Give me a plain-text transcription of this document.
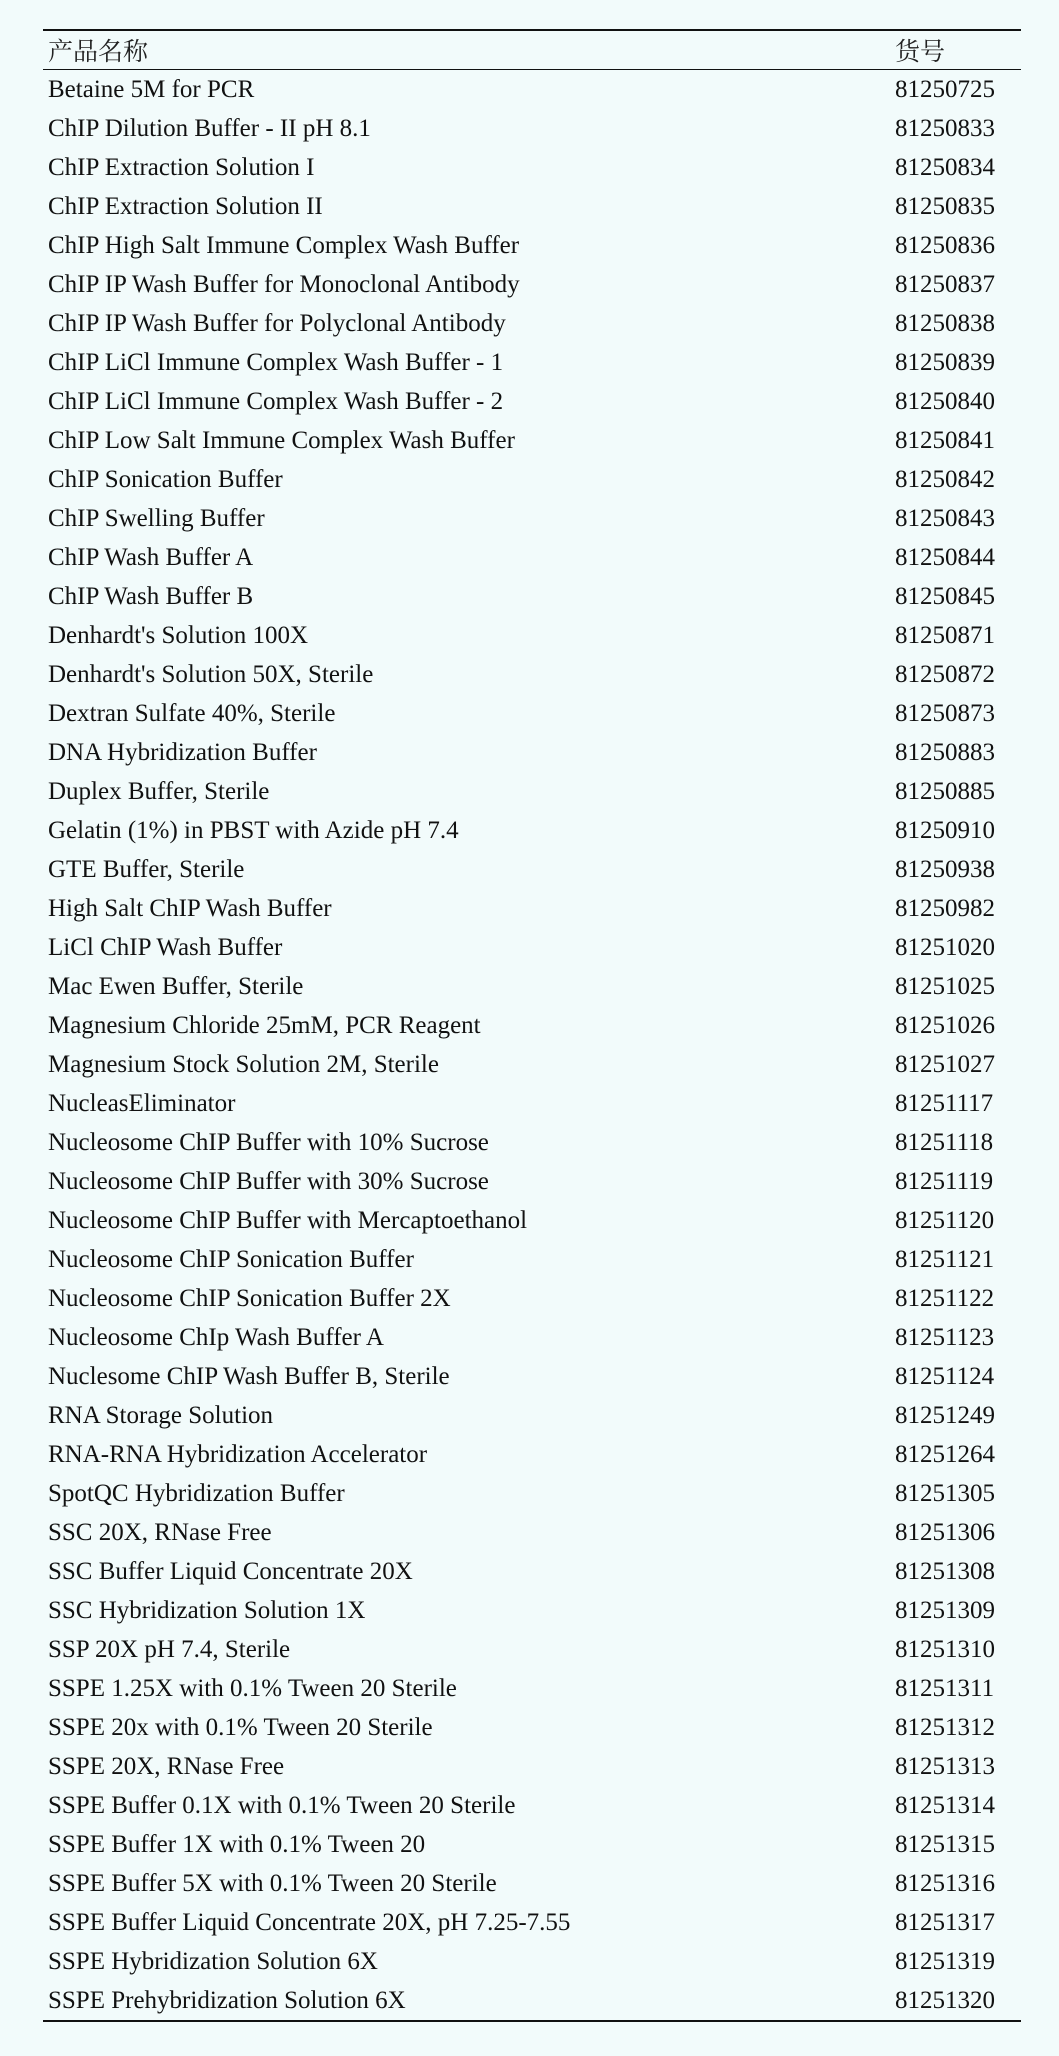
产品名称	货号
Betaine 5M for PCR	81250725
ChIP Dilution Buffer - II pH 8.1	81250833
ChIP Extraction Solution I	81250834
ChIP Extraction Solution II	81250835
ChIP High Salt Immune Complex Wash Buffer	81250836
ChIP IP Wash Buffer for Monoclonal Antibody	81250837
ChIP IP Wash Buffer for Polyclonal Antibody	81250838
ChIP LiCl Immune Complex Wash Buffer - 1	81250839
ChIP LiCl Immune Complex Wash Buffer - 2	81250840
ChIP Low Salt Immune Complex Wash Buffer	81250841
ChIP Sonication Buffer	81250842
ChIP Swelling Buffer	81250843
ChIP Wash Buffer A	81250844
ChIP Wash Buffer B	81250845
Denhardt's Solution 100X	81250871
Denhardt's Solution 50X, Sterile	81250872
Dextran Sulfate 40%, Sterile	81250873
DNA Hybridization Buffer	81250883
Duplex Buffer, Sterile	81250885
Gelatin (1%) in PBST with Azide pH 7.4	81250910
GTE Buffer, Sterile	81250938
High Salt ChIP Wash Buffer	81250982
LiCl ChIP Wash Buffer	81251020
Mac Ewen Buffer, Sterile	81251025
Magnesium Chloride 25mM, PCR Reagent	81251026
Magnesium Stock Solution 2M, Sterile	81251027
NucleasEliminator	81251117
Nucleosome ChIP Buffer with 10% Sucrose	81251118
Nucleosome ChIP Buffer with 30% Sucrose	81251119
Nucleosome ChIP Buffer with Mercaptoethanol	81251120
Nucleosome ChIP Sonication Buffer	81251121
Nucleosome ChIP Sonication Buffer 2X	81251122
Nucleosome ChIp Wash Buffer A	81251123
Nuclesome ChIP Wash Buffer B, Sterile	81251124
RNA Storage Solution	81251249
RNA-RNA Hybridization Accelerator	81251264
SpotQC Hybridization Buffer	81251305
SSC 20X, RNase Free	81251306
SSC Buffer Liquid Concentrate 20X	81251308
SSC Hybridization Solution 1X	81251309
SSP 20X pH 7.4, Sterile	81251310
SSPE 1.25X with 0.1% Tween 20 Sterile	81251311
SSPE 20x with 0.1% Tween 20 Sterile	81251312
SSPE 20X, RNase Free	81251313
SSPE Buffer 0.1X with 0.1% Tween 20 Sterile	81251314
SSPE Buffer 1X with 0.1% Tween 20	81251315
SSPE Buffer 5X with 0.1% Tween 20 Sterile	81251316
SSPE Buffer Liquid Concentrate 20X, pH 7.25-7.55	81251317
SSPE Hybridization Solution 6X	81251319
SSPE Prehybridization Solution 6X	81251320
